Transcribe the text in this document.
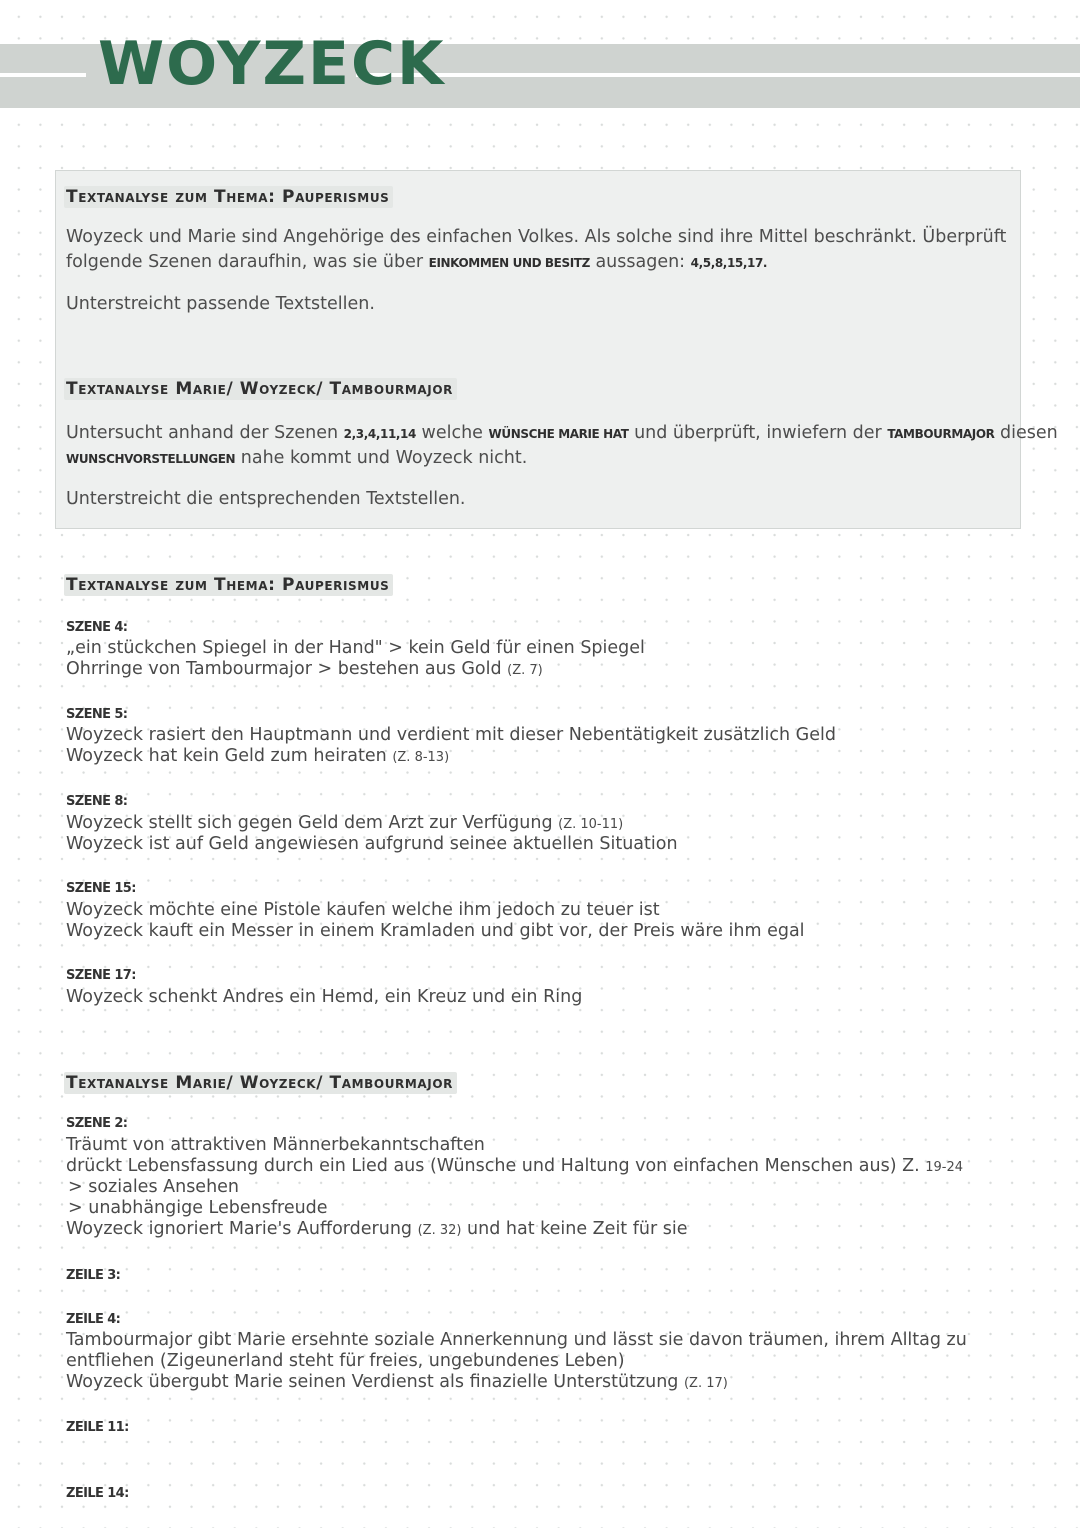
WOYZECK
Textanalyse zum Thema: Pauperismus
Woyzeck und Marie sind Angehörige des einfachen Volkes. Als solche sind ihre Mittel beschränkt. Überprüft
folgende Szenen daraufhin, was sie über EINKOMMEN UND BESITZ aussagen: 4,5,8,15,17.
Unterstreicht passende Textstellen.
Textanalyse Marie/ Woyzeck/ Tambourmajor
Untersucht anhand der Szenen 2,3,4,11,14 welche WÜNSCHE MARIE HAT und überprüft, inwiefern der TAMBOURMAJOR diesen
WUNSCHVORSTELLUNGEN nahe kommt und Woyzeck nicht.
Unterstreicht die entsprechenden Textstellen.
Textanalyse zum Thema: Pauperismus
SZENE 4:
„ein stückchen Spiegel in der Hand" > kein Geld für einen Spiegel
Ohrringe von Tambourmajor > bestehen aus Gold (Z. 7)
SZENE 5:
Woyzeck rasiert den Hauptmann und verdient mit dieser Nebentätigkeit zusätzlich Geld
Woyzeck hat kein Geld zum heiraten (Z. 8-13)
SZENE 8:
Woyzeck stellt sich gegen Geld dem Arzt zur Verfügung (Z. 10-11)
Woyzeck ist auf Geld angewiesen aufgrund seinee aktuellen Situation
SZENE 15:
Woyzeck möchte eine Pistole kaufen welche ihm jedoch zu teuer ist
Woyzeck kauft ein Messer in einem Kramladen und gibt vor, der Preis wäre ihm egal
SZENE 17:
Woyzeck schenkt Andres ein Hemd, ein Kreuz und ein Ring
Textanalyse Marie/ Woyzeck/ Tambourmajor
SZENE 2:
Träumt von attraktiven Männerbekanntschaften
drückt Lebensfassung durch ein Lied aus (Wünsche und Haltung von einfachen Menschen aus) Z. 19-24
> soziales Ansehen
> unabhängige Lebensfreude
Woyzeck ignoriert Marie's Aufforderung (Z. 32) und hat keine Zeit für sie
ZEILE 3:
ZEILE 4:
Tambourmajor gibt Marie ersehnte soziale Annerkennung und lässt sie davon träumen, ihrem Alltag zu
entfliehen (Zigeunerland steht für freies, ungebundenes Leben)
Woyzeck übergubt Marie seinen Verdienst als finazielle Unterstützung (Z. 17)
ZEILE 11:
ZEILE 14:
